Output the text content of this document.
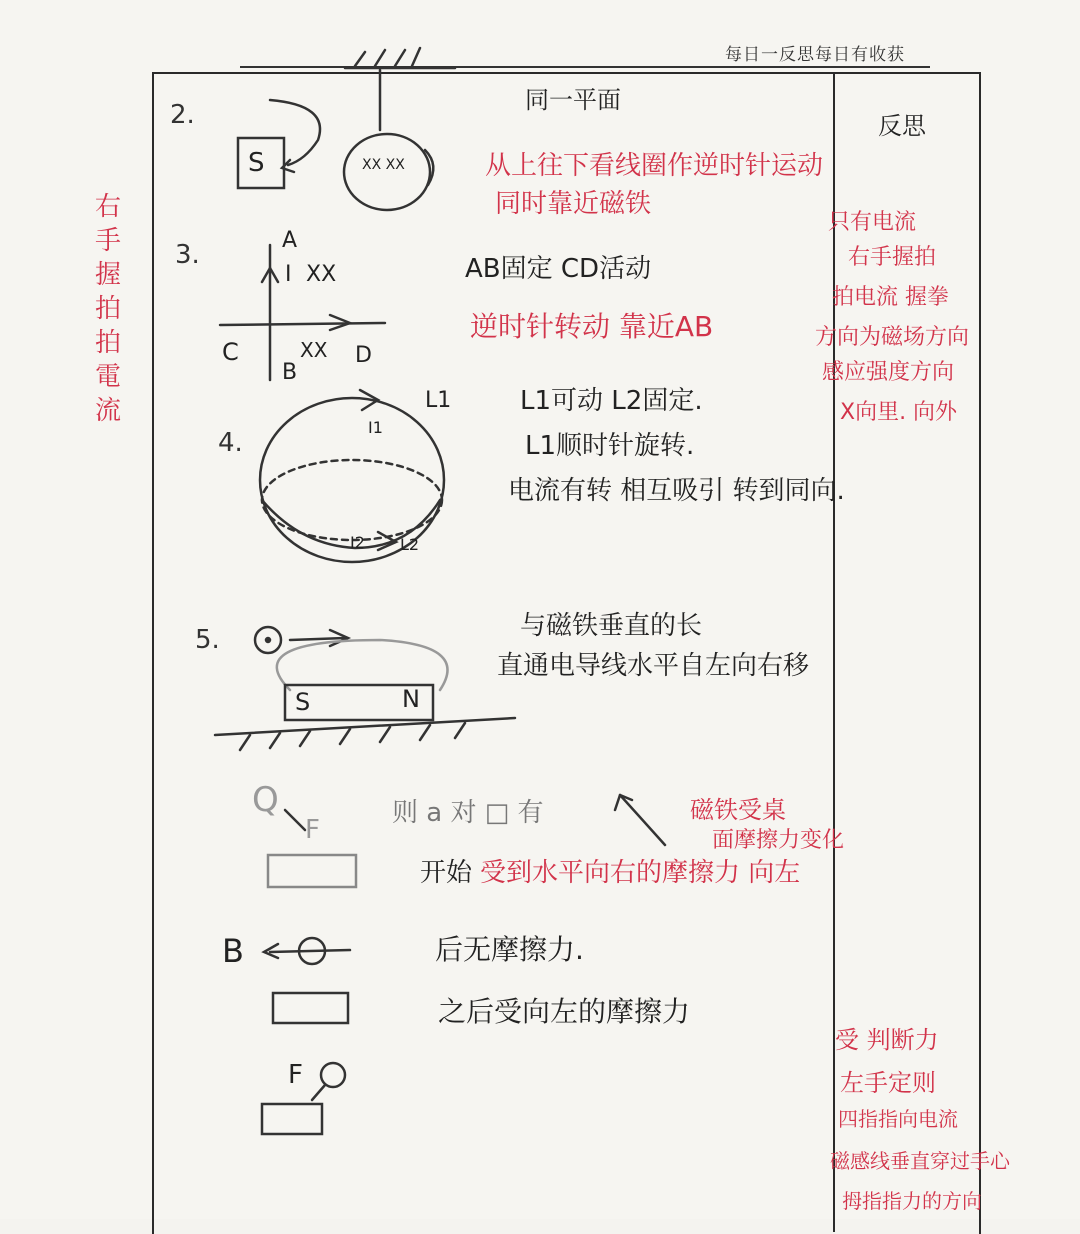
每日一反思每日有收获
反思
同一平面
右手握拍拍電流
2.
3.
4.
5.
S	XX XX	从上往下看线圈作逆时针运动
同时靠近磁铁
A
I XX
C
B
XX D
AB固定 CD活动
逆时针转动 靠近AB
L1
I1
I2 L2
L1可动 L2固定.
L1顺时针旋转.
电流有转 相互吸引 转到同向.
S	N
与磁铁垂直的长
直通电导线水平自左向右移
Q
F
则 a 对 □ 有
开始 受到水平向右的摩擦力 向左
B	后无摩擦力.
之后受向左的摩擦力
F
只有电流
右手握拍
拍电流 握拳
方向为磁场方向
感应强度方向
X向里. 向外
磁铁受桌
面摩擦力变化
受 判断力
左手定则
四指指向电流
磁感线垂直穿过手心
拇指指力的方向
